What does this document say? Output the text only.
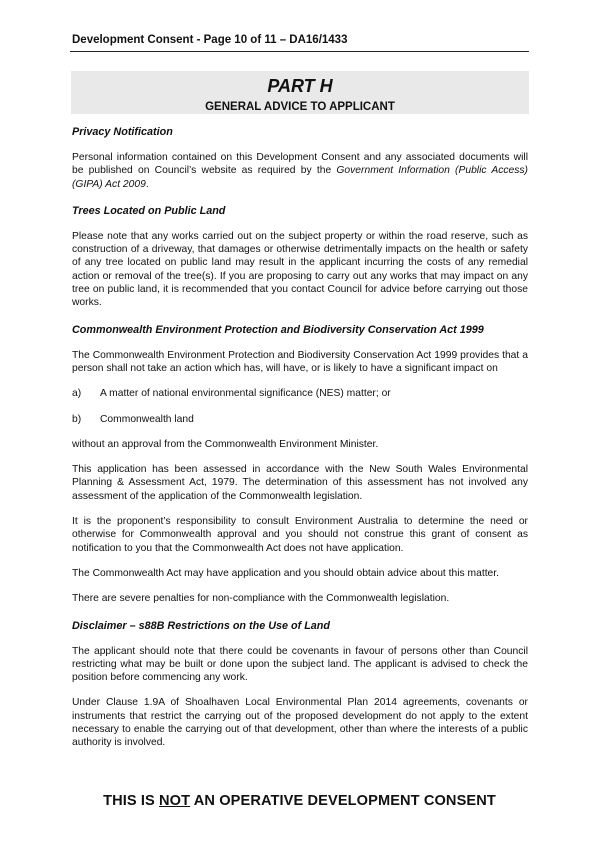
Development Consent - Page 10 of 11 – DA16/1433
PART H
GENERAL ADVICE TO APPLICANT
Privacy Notification

Personal information contained on this Development Consent and any associated documents will be published on Council’s website as required by the Government Information (Public Access) (GIPA) Act 2009.

Trees Located on Public Land

Please note that any works carried out on the subject property or within the road reserve, such as construction of a driveway, that damages or otherwise detrimentally impacts on the health or safety of any tree located on public land may result in the applicant incurring the costs of any remedial action or removal of the tree(s). If you are proposing to carry out any works that may impact on any tree on public land, it is recommended that you contact Council for advice before carrying out those works.

Commonwealth Environment Protection and Biodiversity Conservation Act 1999

The Commonwealth Environment Protection and Biodiversity Conservation Act 1999 provides that a person shall not take an action which has, will have, or is likely to have a significant impact on

a)	A matter of national environmental significance (NES) matter; or
b)	Commonwealth land

without an approval from the Commonwealth Environment Minister.

This application has been assessed in accordance with the New South Wales Environmental Planning & Assessment Act, 1979. The determination of this assessment has not involved any assessment of the application of the Commonwealth legislation.

It is the proponent’s responsibility to consult Environment Australia to determine the need or otherwise for Commonwealth approval and you should not construe this grant of consent as notification to you that the Commonwealth Act does not have application.

The Commonwealth Act may have application and you should obtain advice about this matter.

There are severe penalties for non-compliance with the Commonwealth legislation.

Disclaimer – s88B Restrictions on the Use of Land

The applicant should note that there could be covenants in favour of persons other than Council restricting what may be built or done upon the subject land. The applicant is advised to check the position before commencing any work.

Under Clause 1.9A of Shoalhaven Local Environmental Plan 2014 agreements, covenants or instruments that restrict the carrying out of the proposed development do not apply to the extent necessary to enable the carrying out of that development, other than where the interests of a public authority is involved.

THIS IS NOT AN OPERATIVE DEVELOPMENT CONSENT
